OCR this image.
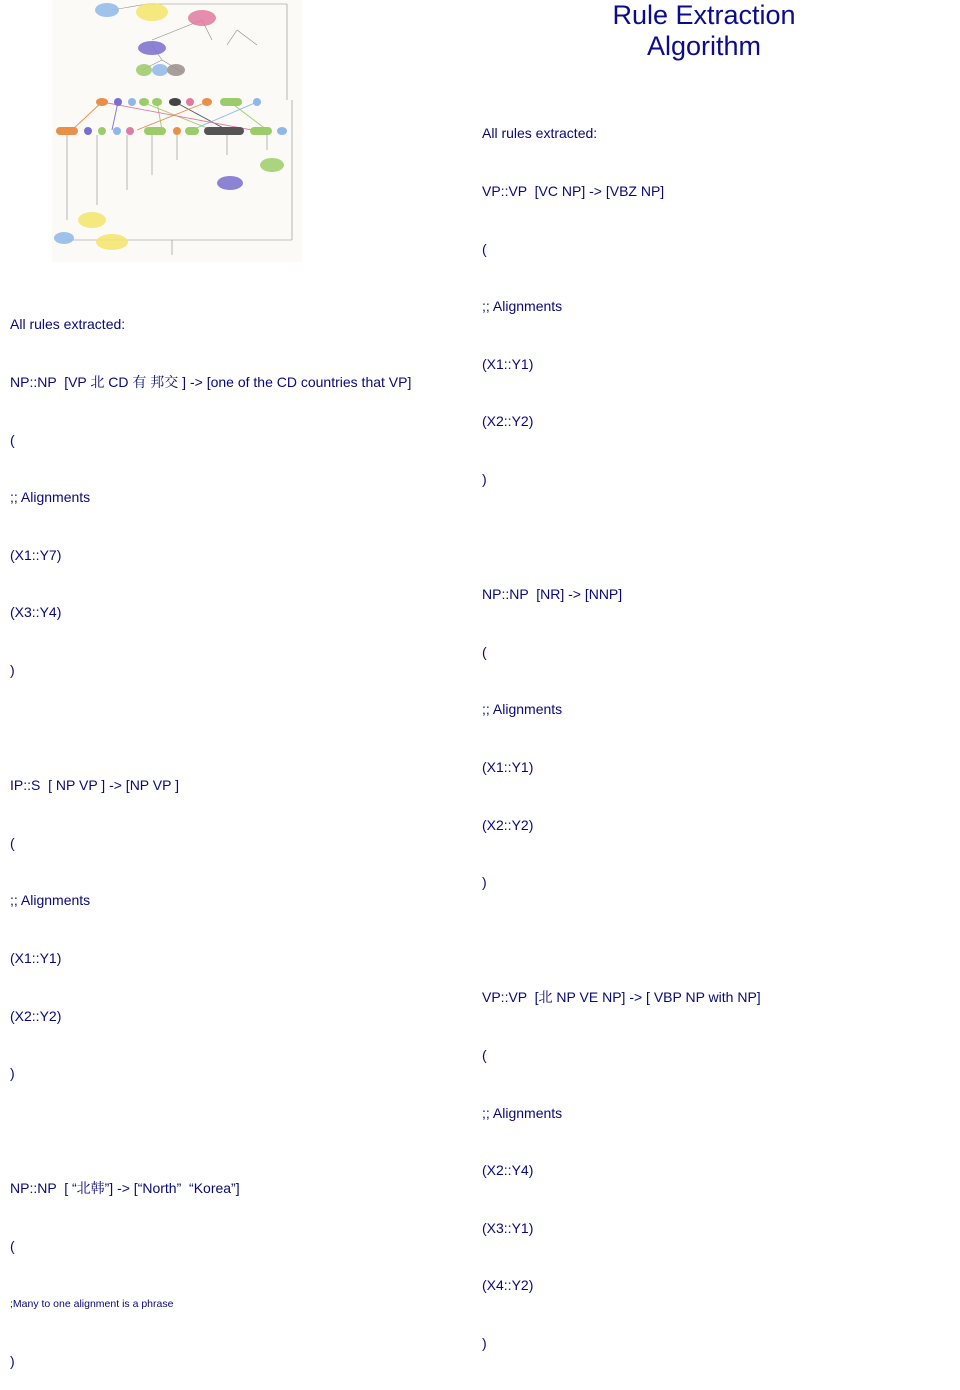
Rule Extraction
Algorithm

All rules extracted:

NP::NP  [VP 北 CD 有 邦交 ] -> [one of the CD countries that VP]

(

;; Alignments

(X1::Y7)

(X3::Y4)

)

IP::S  [ NP VP ] -> [NP VP ]

(

;; Alignments

(X1::Y1)

(X2::Y2)

)

NP::NP  [ “北韩”] -> [“North”  “Korea”]

(

;Many to one alignment is a phrase

)

All rules extracted:

VP::VP  [VC NP] -> [VBZ NP]

(

;; Alignments

(X1::Y1)

(X2::Y2)

)

NP::NP  [NR] -> [NNP]

(

;; Alignments

(X1::Y1)

(X2::Y2)

)

VP::VP  [北 NP VE NP] -> [ VBP NP with NP]

(

;; Alignments

(X2::Y4)

(X3::Y1)

(X4::Y2)

)
